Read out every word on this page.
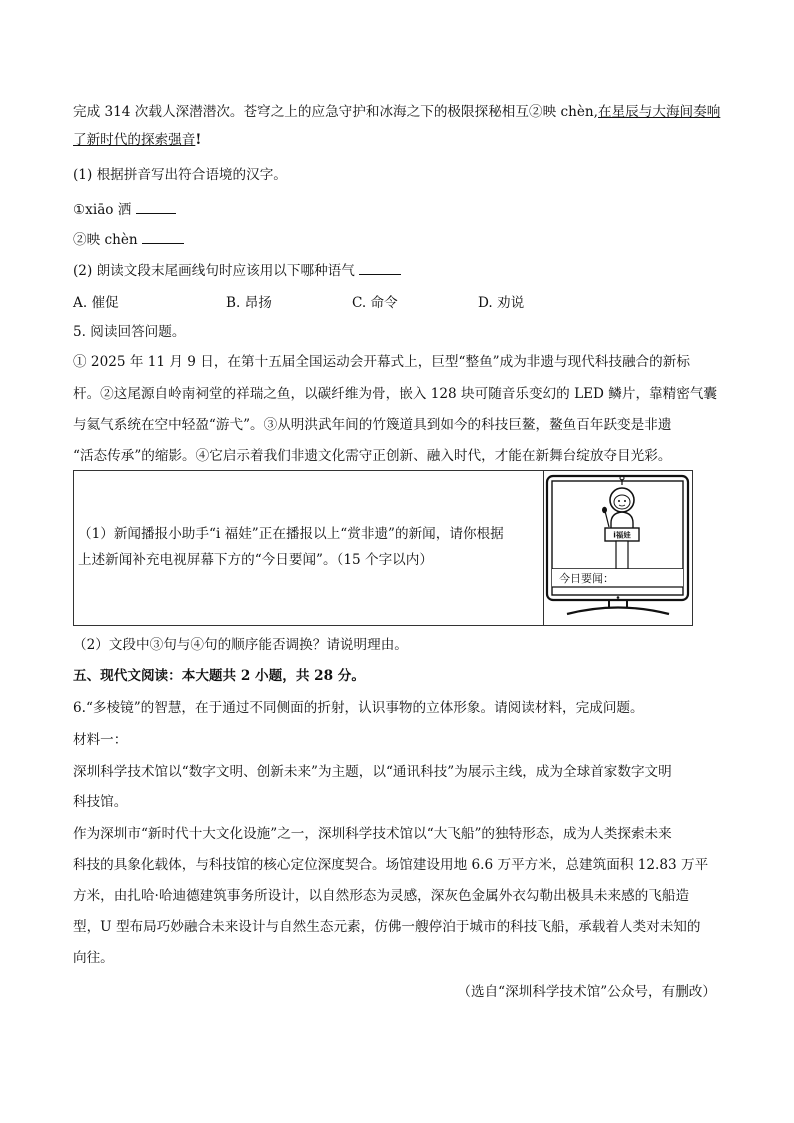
完成 314 次载人深潜潜次。苍穹之上的应急守护和冰海之下的极限探秘相互②映 chèn,在星辰与大海间奏响
了新时代的探索强音!
(1) 根据拼音写出符合语境的汉字。
①xiāo 洒
②映 chèn
(2) 朗读文段末尾画线句时应该用以下哪种语气
A. 催促	B. 昂扬	C. 命令	D. 劝说
5. 阅读回答问题。
① 2025 年 11 月 9 日，在第十五届全国运动会开幕式上，巨型“整鱼”成为非遗与现代科技融合的新标
杆。②这尾源自岭南祠堂的祥瑞之鱼，以碳纤维为骨，嵌入 128 块可随音乐变幻的 LED 鳞片，靠精密气囊
与氦气系统在空中轻盈“游弋”。③从明洪武年间的竹篾道具到如今的科技巨鳌，鳌鱼百年跃变是非遗
“活态传承”的缩影。④它启示着我们非遗文化需守正创新、融入时代，才能在新舞台绽放夺目光彩。
（1）新闻播报小助手“i 福娃”正在播报以上“赏非遗”的新闻，请你根据
上述新闻补充电视屏幕下方的“今日要闻”。（15 个字以内）
i福娃
今日要闻：
（2）文段中③句与④句的顺序能否调换？请说明理由。
五、现代文阅读：本大题共 2 小题，共 28 分。
6.“多棱镜”的智慧，在于通过不同侧面的折射，认识事物的立体形象。请阅读材料，完成问题。
材料一：
深圳科学技术馆以“数字文明、创新未来”为主题，以“通讯科技”为展示主线，成为全球首家数字文明
科技馆。
作为深圳市“新时代十大文化设施”之一，深圳科学技术馆以“大飞船”的独特形态，成为人类探索未来
科技的具象化载体，与科技馆的核心定位深度契合。场馆建设用地 6.6 万平方米，总建筑面积 12.83 万平
方米，由扎哈·哈迪德建筑事务所设计，以自然形态为灵感，深灰色金属外衣勾勒出极具未来感的飞船造
型，U 型布局巧妙融合未来设计与自然生态元素，仿佛一艘停泊于城市的科技飞船，承载着人类对未知的
向往。
（选自“深圳科学技术馆”公众号，有删改）
